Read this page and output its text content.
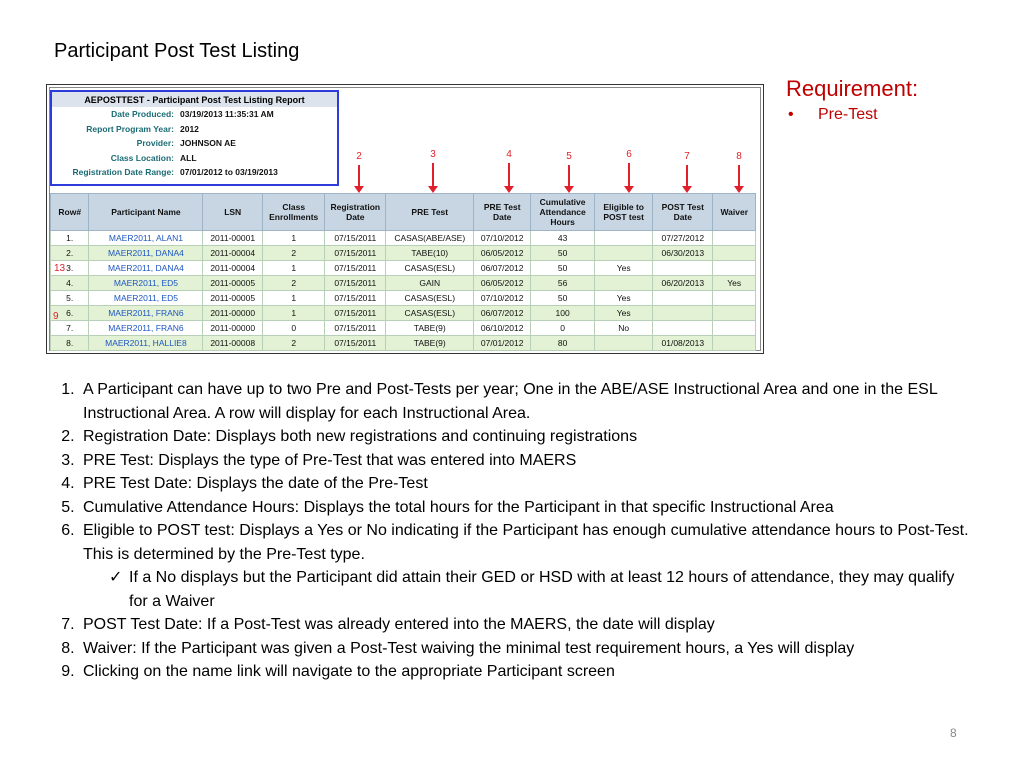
Participant Post Test Listing
Requirement:
• Pre-Test
AEPOSTTEST - Participant Post Test Listing Report
Date Produced: 03/19/2013 11:35:31 AM
Report Program Year: 2012
Provider: JOHNSON AE
Class Location: ALL
Registration Date Range: 07/01/2012 to 03/19/2013
2	3	4	5	6	7	8
Row#	Participant Name	LSN	Class Enrollments	Registration Date	PRE Test	PRE Test Date	Cumulative Attendance Hours	Eligible to POST test	POST Test Date	Waiver
1.	MAER2011, ALAN1	2011-00001	1	07/15/2011	CASAS(ABE/ASE)	07/10/2012	43		07/27/2012	
2.	MAER2011, DANA4	2011-00004	2	07/15/2011	TABE(10)	06/05/2012	50		06/30/2013	
3.	MAER2011, DANA4	2011-00004	1	07/15/2011	CASAS(ESL)	06/07/2012	50	Yes		
4.	MAER2011, ED5	2011-00005	2	07/15/2011	GAIN	06/05/2012	56		06/20/2013	Yes
5.	MAER2011, ED5	2011-00005	1	07/15/2011	CASAS(ESL)	07/10/2012	50	Yes		
6.	MAER2011, FRAN6	2011-00000	1	07/15/2011	CASAS(ESL)	06/07/2012	100	Yes		
7.	MAER2011, FRAN6	2011-00000	0	07/15/2011	TABE(9)	06/10/2012	0	No		
8.	MAER2011, HALLIE8	2011-00008	2	07/15/2011	TABE(9)	07/01/2012	80		01/08/2013	
13
9
1. A Participant can have up to two Pre and Post-Tests per year; One in the ABE/ASE Instructional Area and one in the ESL Instructional Area. A row will display for each Instructional Area.
2. Registration Date: Displays both new registrations and continuing registrations
3. PRE Test: Displays the type of Pre-Test that was entered into MAERS
4. PRE Test Date: Displays the date of the Pre-Test
5. Cumulative Attendance Hours: Displays the total hours for the Participant in that specific Instructional Area
6. Eligible to POST test: Displays a Yes or No indicating if the Participant has enough cumulative attendance hours to Post-Test. This is determined by the Pre-Test type.
✓ If a No displays but the Participant did attain their GED or HSD with at least 12 hours of attendance, they may qualify for a Waiver
7. POST Test Date: If a Post-Test was already entered into the MAERS, the date will display
8. Waiver: If the Participant was given a Post-Test waiving the minimal test requirement hours, a Yes will display
9. Clicking on the name link will navigate to the appropriate Participant screen
8
